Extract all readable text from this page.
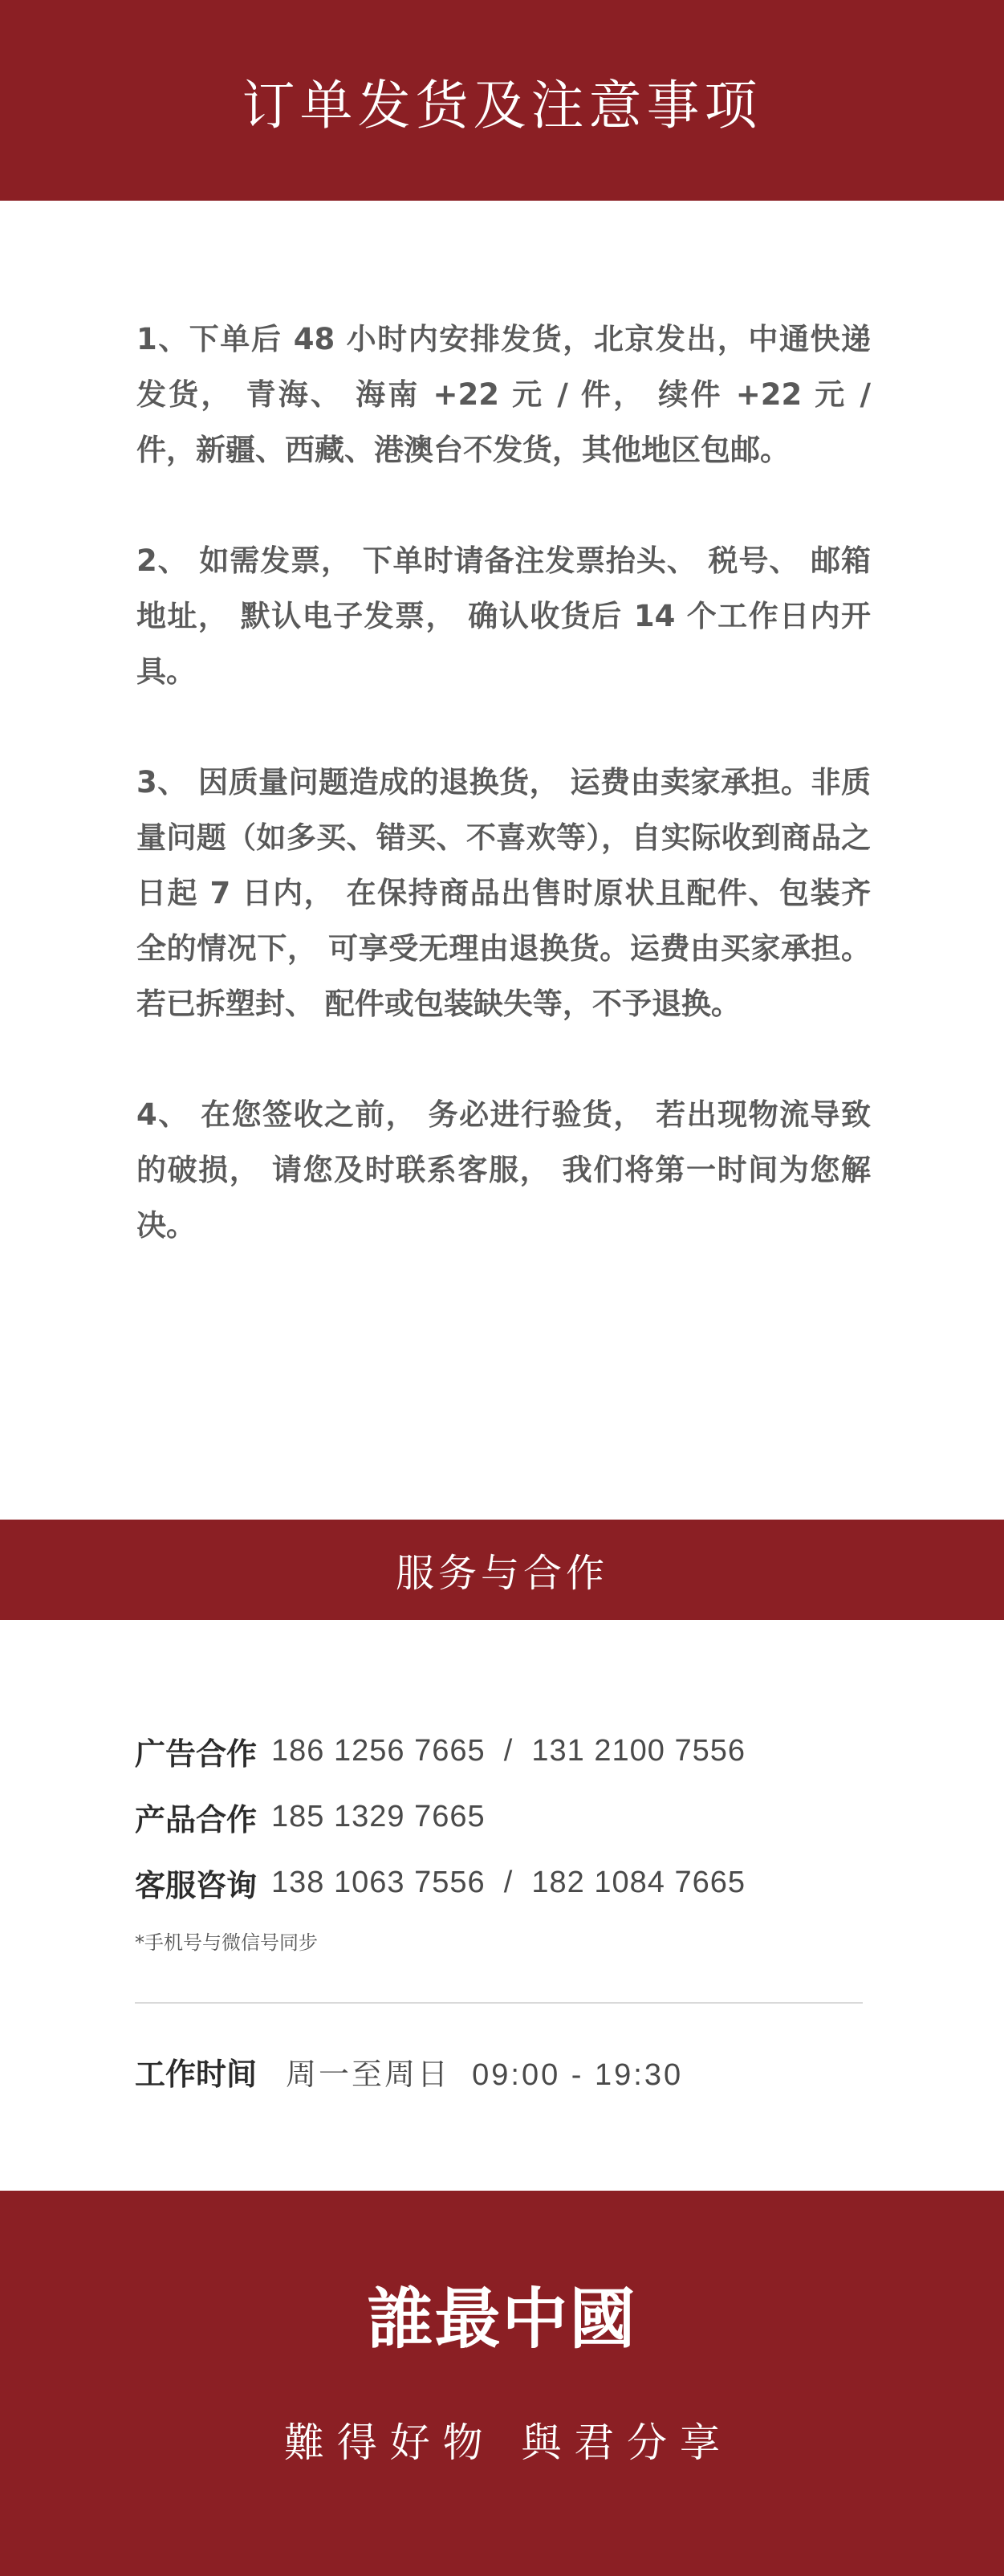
订单发货及注意事项

1、下单后 48 小时内安排发货，北京发出，中通快递发货， 青海、 海南 +22 元 / 件， 续件 +22 元 / 件，新疆、西藏、港澳台不发货，其他地区包邮。

2、 如需发票， 下单时请备注发票抬头、 税号、 邮箱地址， 默认电子发票， 确认收货后 14 个工作日内开具。

3、 因质量问题造成的退换货， 运费由卖家承担。非质量问题（如多买、错买、不喜欢等），自实际收到商品之日起 7 日内， 在保持商品出售时原状且配件、包装齐全的情况下， 可享受无理由退换货。运费由买家承担。若已拆塑封、 配件或包装缺失等，不予退换。

4、 在您签收之前， 务必进行验货， 若出现物流导致的破损， 请您及时联系客服， 我们将第一时间为您解决。

服务与合作
广告合作 186 1256 7665  /  131 2100 7556
产品合作 185 1329 7665
客服咨询 138 1063 7556  /  182 1084 7665
*手机号与微信号同步
工作时间 周一至周日  09:00 - 19:30
誰最中國
難 得 好 物   與 君 分 享
